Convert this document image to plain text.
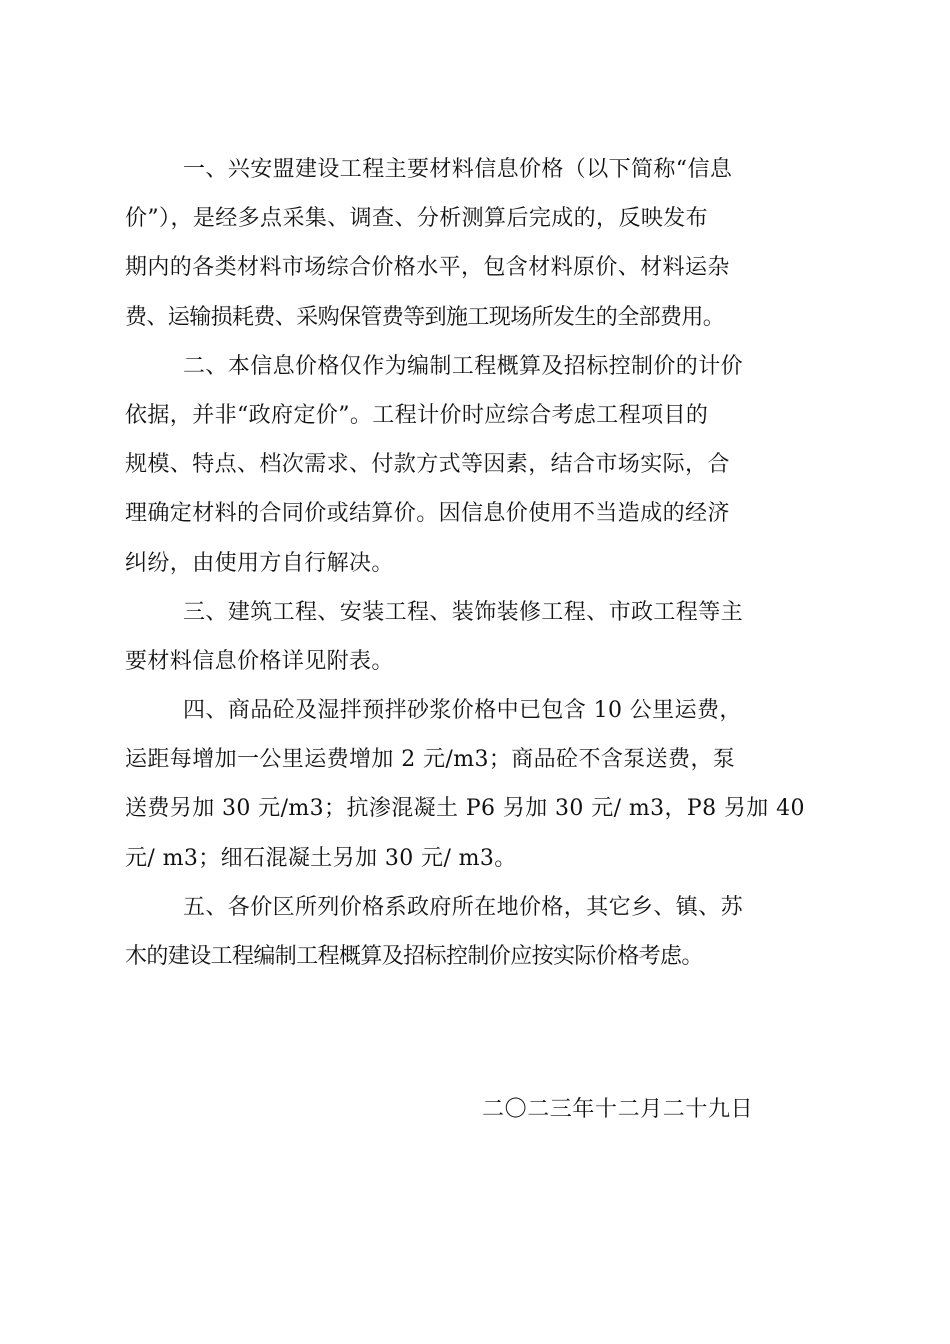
一、兴安盟建设工程主要材料信息价格（以下简称“信息
价”），是经多点采集、调查、分析测算后完成的，反映发布
期内的各类材料市场综合价格水平，包含材料原价、材料运杂
费、运输损耗费、采购保管费等到施工现场所发生的全部费用。
二、本信息价格仅作为编制工程概算及招标控制价的计价
依据，并非“政府定价”。工程计价时应综合考虑工程项目的
规模、特点、档次需求、付款方式等因素，结合市场实际，合
理确定材料的合同价或结算价。因信息价使用不当造成的经济
纠纷，由使用方自行解决。
三、建筑工程、安装工程、装饰装修工程、市政工程等主
要材料信息价格详见附表。
四、商品砼及湿拌预拌砂浆价格中已包含 10 公里运费，
运距每增加一公里运费增加 2 元/m3；商品砼不含泵送费，泵
送费另加 30 元/m3；抗渗混凝土 P6 另加 30 元/ m3，P8 另加 40
元/ m3；细石混凝土另加 30 元/ m3。
五、各价区所列价格系政府所在地价格，其它乡、镇、苏
木的建设工程编制工程概算及招标控制价应按实际价格考虑。
二〇二三年十二月二十九日
